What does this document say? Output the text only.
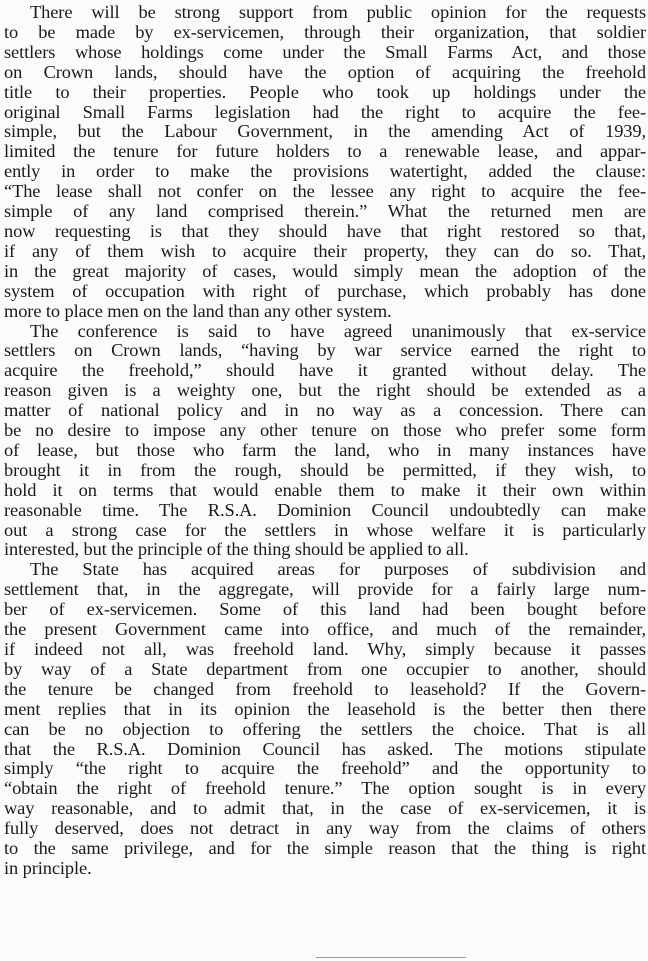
There will be strong support from public opinion for the requests
to be made by ex-servicemen, through their organization, that soldier
settlers whose holdings come under the Small Farms Act, and those
on Crown lands, should have the option of acquiring the freehold
title to their properties. People who took up holdings under the
original Small Farms legislation had the right to acquire the fee-
simple, but the Labour Government, in the amending Act of 1939,
limited the tenure for future holders to a renewable lease, and appar-
ently in order to make the provisions watertight, added the clause:
“The lease shall not confer on the lessee any right to acquire the fee-
simple of any land comprised therein.” What the returned men are
now requesting is that they should have that right restored so that,
if any of them wish to acquire their property, they can do so. That,
in the great majority of cases, would simply mean the adoption of the
system of occupation with right of purchase, which probably has done
more to place men on the land than any other system.

The conference is said to have agreed unanimously that ex-service
settlers on Crown lands, “having by war service earned the right to
acquire the freehold,” should have it granted without delay. The
reason given is a weighty one, but the right should be extended as a
matter of national policy and in no way as a concession. There can
be no desire to impose any other tenure on those who prefer some form
of lease, but those who farm the land, who in many instances have
brought it in from the rough, should be permitted, if they wish, to
hold it on terms that would enable them to make it their own within
reasonable time. The R.S.A. Dominion Council undoubtedly can make
out a strong case for the settlers in whose welfare it is particularly
interested, but the principle of the thing should be applied to all.

The State has acquired areas for purposes of subdivision and
settlement that, in the aggregate, will provide for a fairly large num-
ber of ex-servicemen. Some of this land had been bought before
the present Government came into office, and much of the remainder,
if indeed not all, was freehold land. Why, simply because it passes
by way of a State department from one occupier to another, should
the tenure be changed from freehold to leasehold? If the Govern-
ment replies that in its opinion the leasehold is the better then there
can be no objection to offering the settlers the choice. That is all
that the R.S.A. Dominion Council has asked. The motions stipulate
simply “the right to acquire the freehold” and the opportunity to
“obtain the right of freehold tenure.” The option sought is in every
way reasonable, and to admit that, in the case of ex-servicemen, it is
fully deserved, does not detract in any way from the claims of others
to the same privilege, and for the simple reason that the thing is right
in principle.
